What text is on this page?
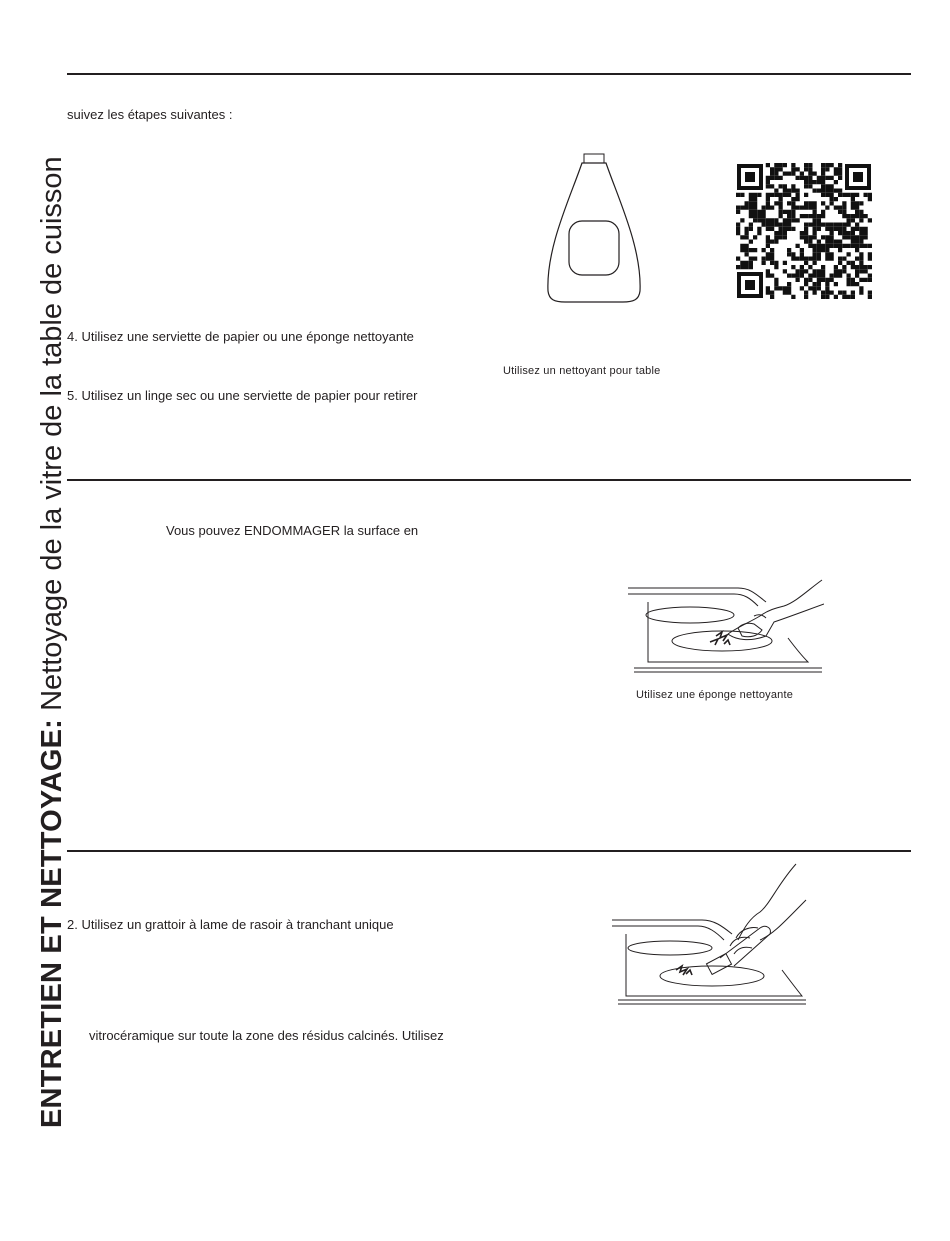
ENTRETIEN ET NETTOYAGE: Nettoyage de la vitre de la table de cuisson
suivez les étapes suivantes :
4. Utilisez une serviette de papier ou une éponge nettoyante
Utilisez un nettoyant pour table
5. Utilisez un linge sec ou une serviette de papier pour retirer
Vous pouvez ENDOMMAGER la surface en
Utilisez une éponge nettoyante
2. Utilisez un grattoir à lame de rasoir à tranchant unique
vitrocéramique sur toute la zone des résidus calcinés. Utilisez
